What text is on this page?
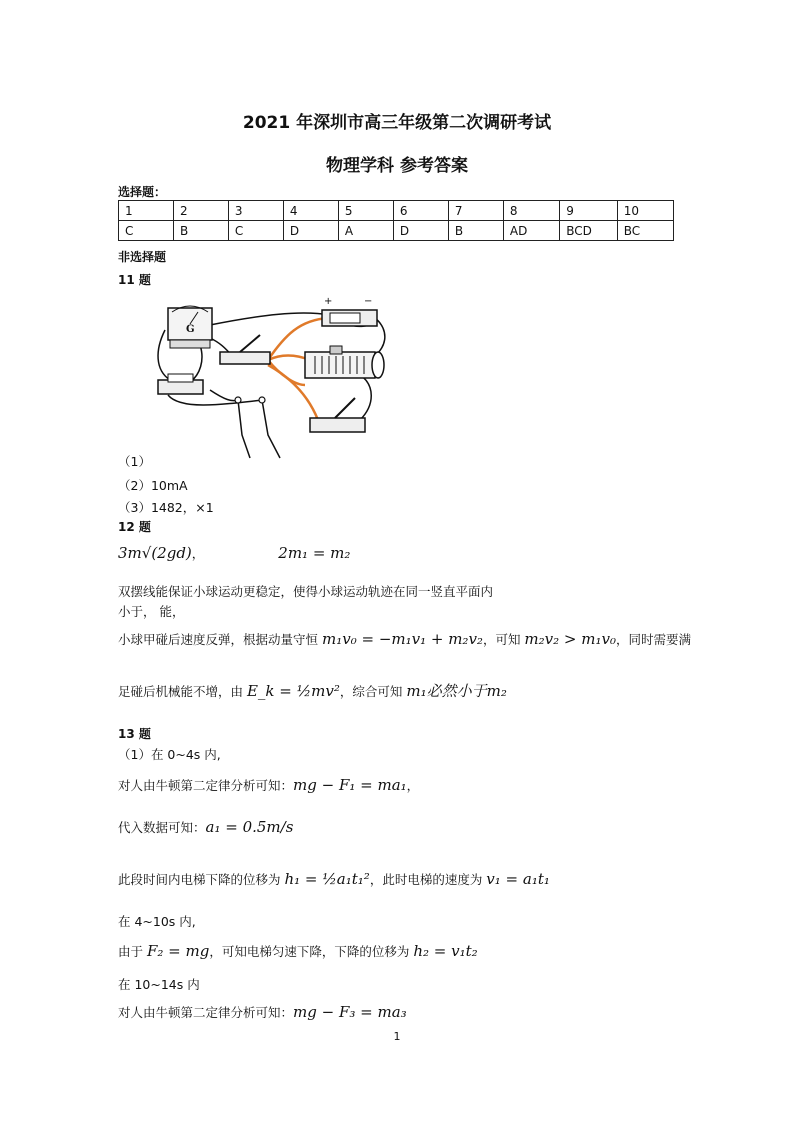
2021 年深圳市高三年级第二次调研考试
物理学科 参考答案
选择题：
1	2	3	4	5	6	7	8	9	10
C	B	C	D	A	D	B	AD	BCD	BC
非选择题
11 题
G
+	−
（1）
（2）10mA
（3）1482，×1
12 题
3m√(2gd)，	2m₁ = m₂
双摆线能保证小球运动更稳定，使得小球运动轨迹在同一竖直平面内
小于， 能，
小球甲碰后速度反弹，根据动量守恒 m₁v₀ = −m₁v₁ + m₂v₂，可知 m₂v₂ > m₁v₀，同时需要满
足碰后机械能不增，由 E_k = ½mv²，综合可知 m₁必然小于m₂
13 题
（1）在 0~4s 内,
对人由牛顿第二定律分析可知：mg − F₁ = ma₁，
代入数据可知：a₁ = 0.5m/s
此段时间内电梯下降的位移为 h₁ = ½a₁t₁²，此时电梯的速度为 v₁ = a₁t₁
在 4~10s 内,
由于 F₂ = mg，可知电梯匀速下降，下降的位移为 h₂ = v₁t₂
在 10~14s 内
对人由牛顿第二定律分析可知：mg − F₃ = ma₃
1
